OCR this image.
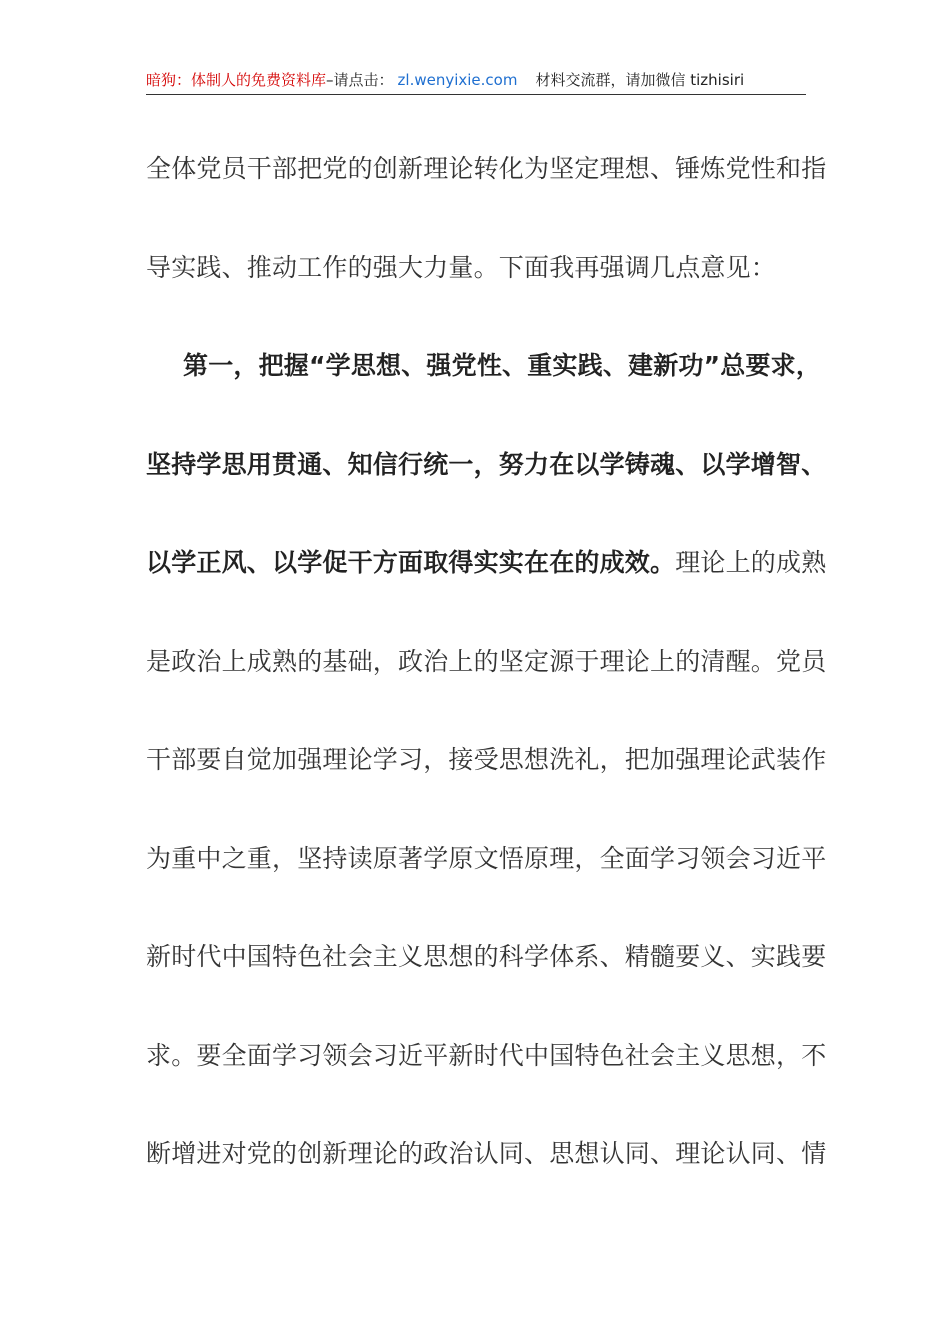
暗狗：体制人的免费资料库–请点击： zl.wenyixie.com 材料交流群，请加微信 tizhisiri
全体党员干部把党的创新理论转化为坚定理想、锤炼党性和指
导实践、推动工作的强大力量。下面我再强调几点意见：
第一，把握“学思想、强党性、重实践、建新功”总要求，
坚持学思用贯通、知信行统一，努力在以学铸魂、以学增智、
以学正风、以学促干方面取得实实在在的成效。理论上的成熟
是政治上成熟的基础，政治上的坚定源于理论上的清醒。党员
干部要自觉加强理论学习，接受思想洗礼，把加强理论武装作
为重中之重，坚持读原著学原文悟原理，全面学习领会习近平
新时代中国特色社会主义思想的科学体系、精髓要义、实践要
求。要全面学习领会习近平新时代中国特色社会主义思想，不
断增进对党的创新理论的政治认同、思想认同、理论认同、情
